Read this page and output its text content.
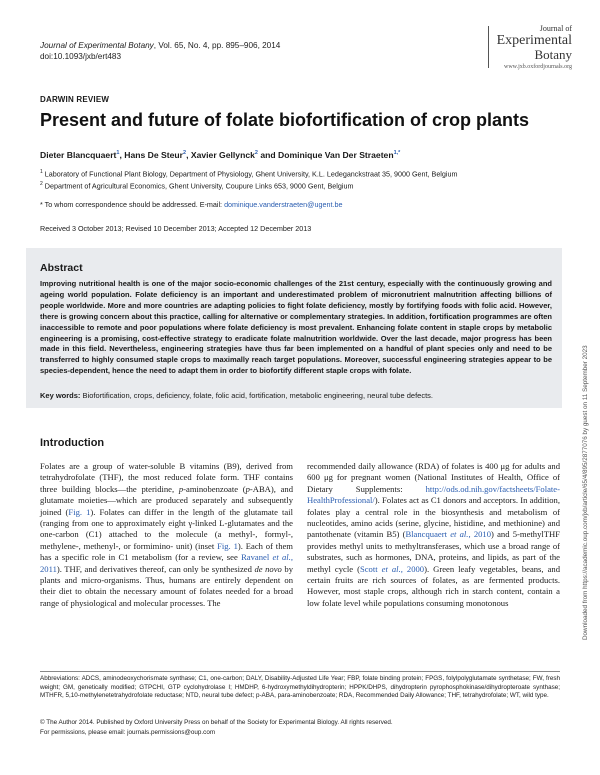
Journal of Experimental Botany, Vol. 65, No. 4, pp. 895–906, 2014
doi:10.1093/jxb/ert483
Journal of
Experimental
Botany
www.jxb.oxfordjournals.org
DARWIN REVIEW
Present and future of folate biofortification of crop plants
Dieter Blancquaert$^1$, Hans De Steur$^2$, Xavier Gellynck$^2$ and Dominique Van Der Straeten$^{1,*}$
$^1$ Laboratory of Functional Plant Biology, Department of Physiology, Ghent University, K.L. Ledeganckstraat 35, 9000 Gent, Belgium
$^2$ Department of Agricultural Economics, Ghent University, Coupure Links 653, 9000 Gent, Belgium
* To whom correspondence should be addressed. E-mail: dominique.vanderstraeten@ugent.be
Received 3 October 2013; Revised 10 December 2013; Accepted 12 December 2013
Abstract
Improving nutritional health is one of the major socio-economic challenges of the 21st century, especially with the continuously growing and ageing world population. Folate deficiency is an important and underestimated problem of micronutrient malnutrition affecting billions of people worldwide. More and more countries are adapting policies to fight folate deficiency, mostly by fortifying foods with folic acid. However, there is growing concern about this practice, calling for alternative or complementary strategies. In addition, fortification programmes are often inaccessible to remote and poor populations where folate deficiency is most prevalent. Enhancing folate content in staple crops by metabolic engineering is a promising, cost-effective strategy to eradicate folate malnutrition worldwide. Over the last decade, major progress has been made in this field. Nevertheless, engineering strategies have thus far been implemented on a handful of plant species only and need to be transferred to highly consumed staple crops to maximally reach target populations. Moreover, successful engineering strategies appear to be species-dependent, hence the need to adapt them in order to biofortify different staple crops with folate.
Key words: Biofortification, crops, deficiency, folate, folic acid, fortification, metabolic engineering, neural tube defects.
Introduction
Folates are a group of water-soluble B vitamins (B9), derived from tetrahydrofolate (THF), the most reduced folate form. THF contains three building blocks—the pteridine, p-aminobenzoate (p-ABA), and glutamate moieties—which are produced separately and subsequently joined (Fig. 1). Folates can differ in the length of the glutamate tail (ranging from one to approximately eight γ-linked L-glutamates and the one-carbon (C1) attached to the molecule (a methyl-, formyl-, methylene-, methenyl-, or formimino- unit) (inset Fig. 1). Each of them has a specific role in C1 metabolism (for a review, see Ravanel et al., 2011). THF, and derivatives thereof, can only be synthesized de novo by plants and micro-organisms. Thus, humans are entirely dependent on their diet to obtain the necessary amount of folates needed for a broad range of physiological and molecular processes. The
recommended daily allowance (RDA) of folates is 400 μg for adults and 600 μg for pregnant women (National Institutes of Health, Office of Dietary Supplements: http://ods.od.nih.gov/factsheets/Folate-HealthProfessional/). Folates act as C1 donors and acceptors. In addition, folates play a central role in the biosynthesis and metabolism of nucleotides, amino acids (serine, glycine, histidine, and methionine) and pantothenate (vitamin B5) (Blancquaert et al., 2010) and 5-methylTHF provides methyl units to methyltransferases, which use a broad range of substrates, such as hormones, DNA, proteins, and lipids, as part of the methyl cycle (Scott et al., 2000). Green leafy vegetables, beans, and certain fruits are rich sources of folates, as are fermented products. However, most staple crops, although rich in starch content, contain a low folate level while populations consuming monotonous
Abbreviations: ADCS, aminodeoxychorismate synthase; C1, one-carbon; DALY, Disability-Adjusted Life Year; FBP, folate binding protein; FPGS, folylpolyglutamate synthetase; FW, fresh weight; GM, genetically modified; GTPCHI, GTP cyclohydrolase I; HMDHP, 6-hydroxymethyldihydropterin; HPPK/DHPS, dihydropterin pyrophosphokinase/dihydropteroate synthase; MTHFR, 5,10-methylenetetrahydrofolate reductase; NTD, neural tube defect; p-ABA, para-aminobenzoate; RDA, Recommended Daily Allowance; THF, tetrahydrofolate; WT, wild type.
© The Author 2014. Published by Oxford University Press on behalf of the Society for Experimental Biology. All rights reserved.
For permissions, please email: journals.permissions@oup.com
Downloaded from https://academic.oup.com/jxb/article/65/4/895/2877076 by guest on 11 September 2023
